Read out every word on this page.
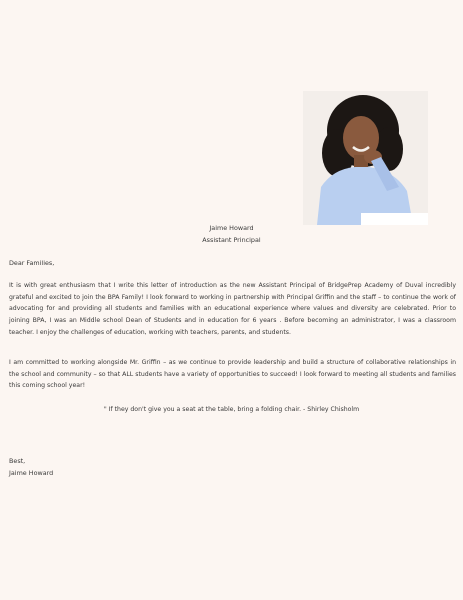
Jaime Howard
Assistant Principal
Dear Families,
It is with great enthusiasm that I write this letter of introduction as the new Assistant Principal of BridgePrep Academy of Duval incredibly grateful and excited to join the BPA Family! I look forward to working in partnership with Principal Griffin and the staff – to continue the work of advocating for and providing all students and families with an educational experience where values and diversity are celebrated. Prior to joining BPA, I was an Middle school Dean of Students and in education for 6 years . Before becoming an administrator, I was a classroom teacher. I enjoy the challenges of education, working with teachers, parents, and students.
I am committed to working alongside Mr. Griffin – as we continue to provide leadership and build a structure of collaborative relationships in the school and community – so that ALL students have a variety of opportunities to succeed! I look forward to meeting all students and families this coming school year!
" If they don't give you a seat at the table, bring a folding chair. - Shirley Chisholm
Best,
Jaime Howard
